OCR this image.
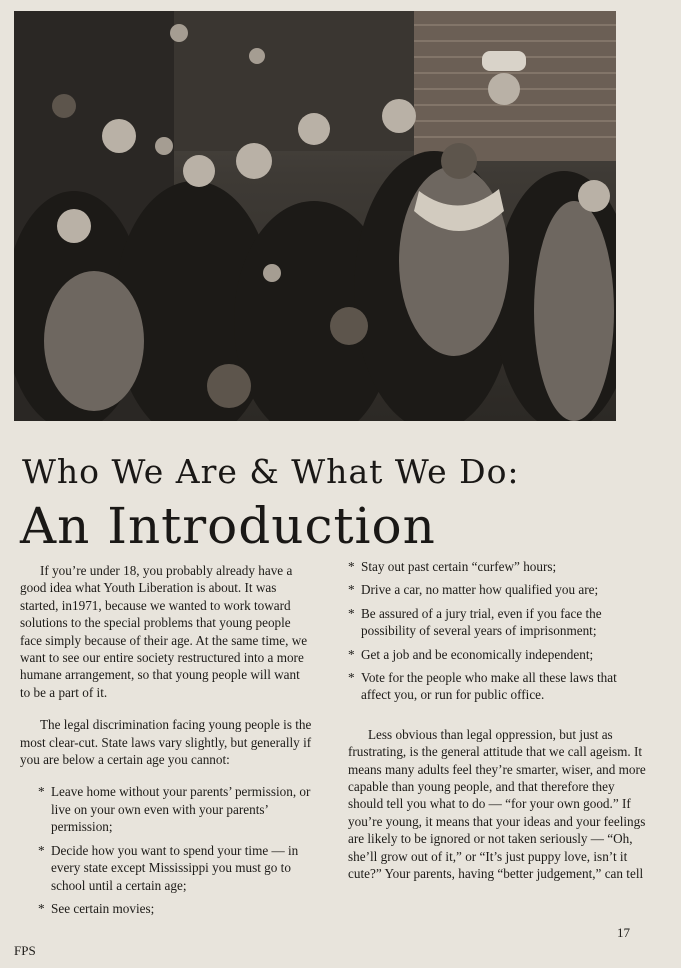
Who We Are & What We Do:
An Introduction

If you’re under 18, you probably already have a good idea what Youth Liberation is about. It was started, in1971, because we wanted to work toward solutions to the special problems that young people face simply because of their age. At the same time, we want to see our entire society restructured into a more humane arrangement, so that young people will want to be a part of it.

The legal discrimination facing young people is the most clear-cut. State laws vary slightly, but generally if you are below a certain age you cannot:

* Leave home without your parents’ permission, or live on your own even with your parents’ permission;
* Decide how you want to spend your time — in every state except Mississippi you must go to school until a certain age;
* See certain movies;
* Stay out past certain “curfew” hours;
* Drive a car, no matter how qualified you are;
* Be assured of a jury trial, even if you face the possibility of several years of imprisonment;
* Get a job and be economically independent;
* Vote for the people who make all these laws that affect you, or run for public office.

Less obvious than legal oppression, but just as frustrating, is the general attitude that we call ageism. It means many adults feel they’re smarter, wiser, and more capable than young people, and that therefore they should tell you what to do — “for your own good.” If you’re young, it means that your ideas and your feelings are likely to be ignored or not taken seriously — “Oh, she’ll grow out of it,” or “It’s just puppy love, isn’t it cute?” Your parents, having “better judgement,” can tell

FPS
17
